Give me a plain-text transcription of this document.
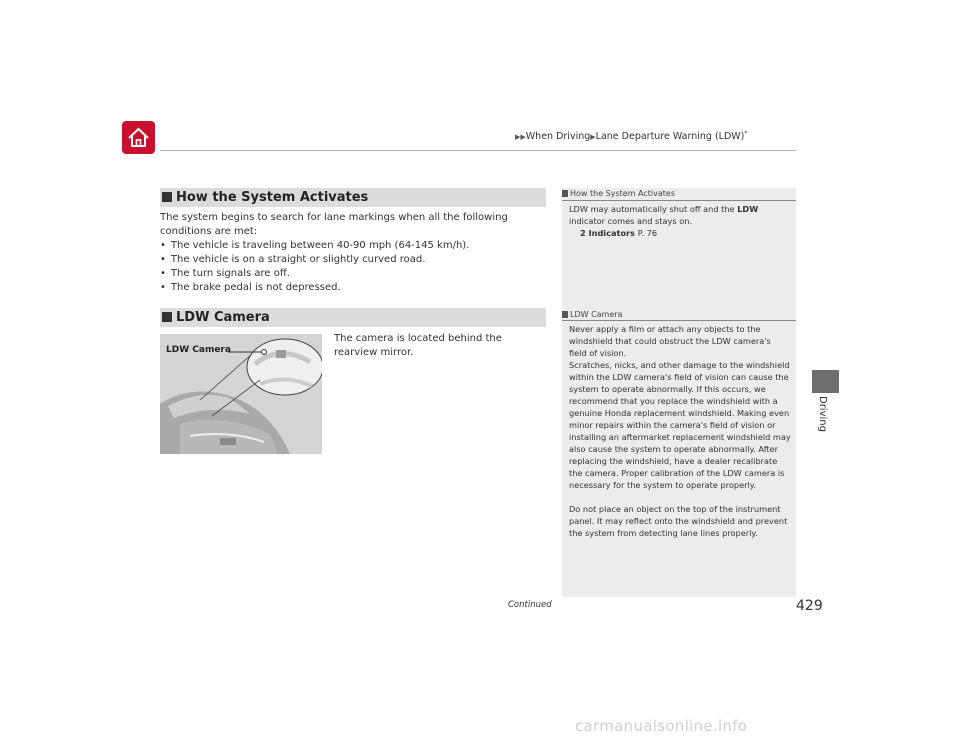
▶▶When Driving▶Lane Departure Warning (LDW)*
Driving
How the System Activates
The system begins to search for lane markings when all the following conditions are met:
• The vehicle is traveling between 40-90 mph (64-145 km/h).
• The vehicle is on a straight or slightly curved road.
• The turn signals are off.
• The brake pedal is not depressed.
LDW Camera
The camera is located behind the rearview mirror.
LDW Camera
How the System Activates
LDW may automatically shut off and the LDW
indicator comes and stays on.
2 Indicators P. 76
LDW Camera
Never apply a film or attach any objects to the windshield that could obstruct the LDW camera's field of vision.
Scratches, nicks, and other damage to the windshield within the LDW camera's field of vision can cause the system to operate abnormally. If this occurs, we recommend that you replace the windshield with a genuine Honda replacement windshield. Making even minor repairs within the camera's field of vision or installing an aftermarket replacement windshield may also cause the system to operate abnormally. After replacing the windshield, have a dealer recalibrate the camera. Proper calibration of the LDW camera is necessary for the system to operate properly.
Do not place an object on the top of the instrument panel. It may reflect onto the windshield and prevent the system from detecting lane lines properly.
Continued	429
carmanualsonline.info
